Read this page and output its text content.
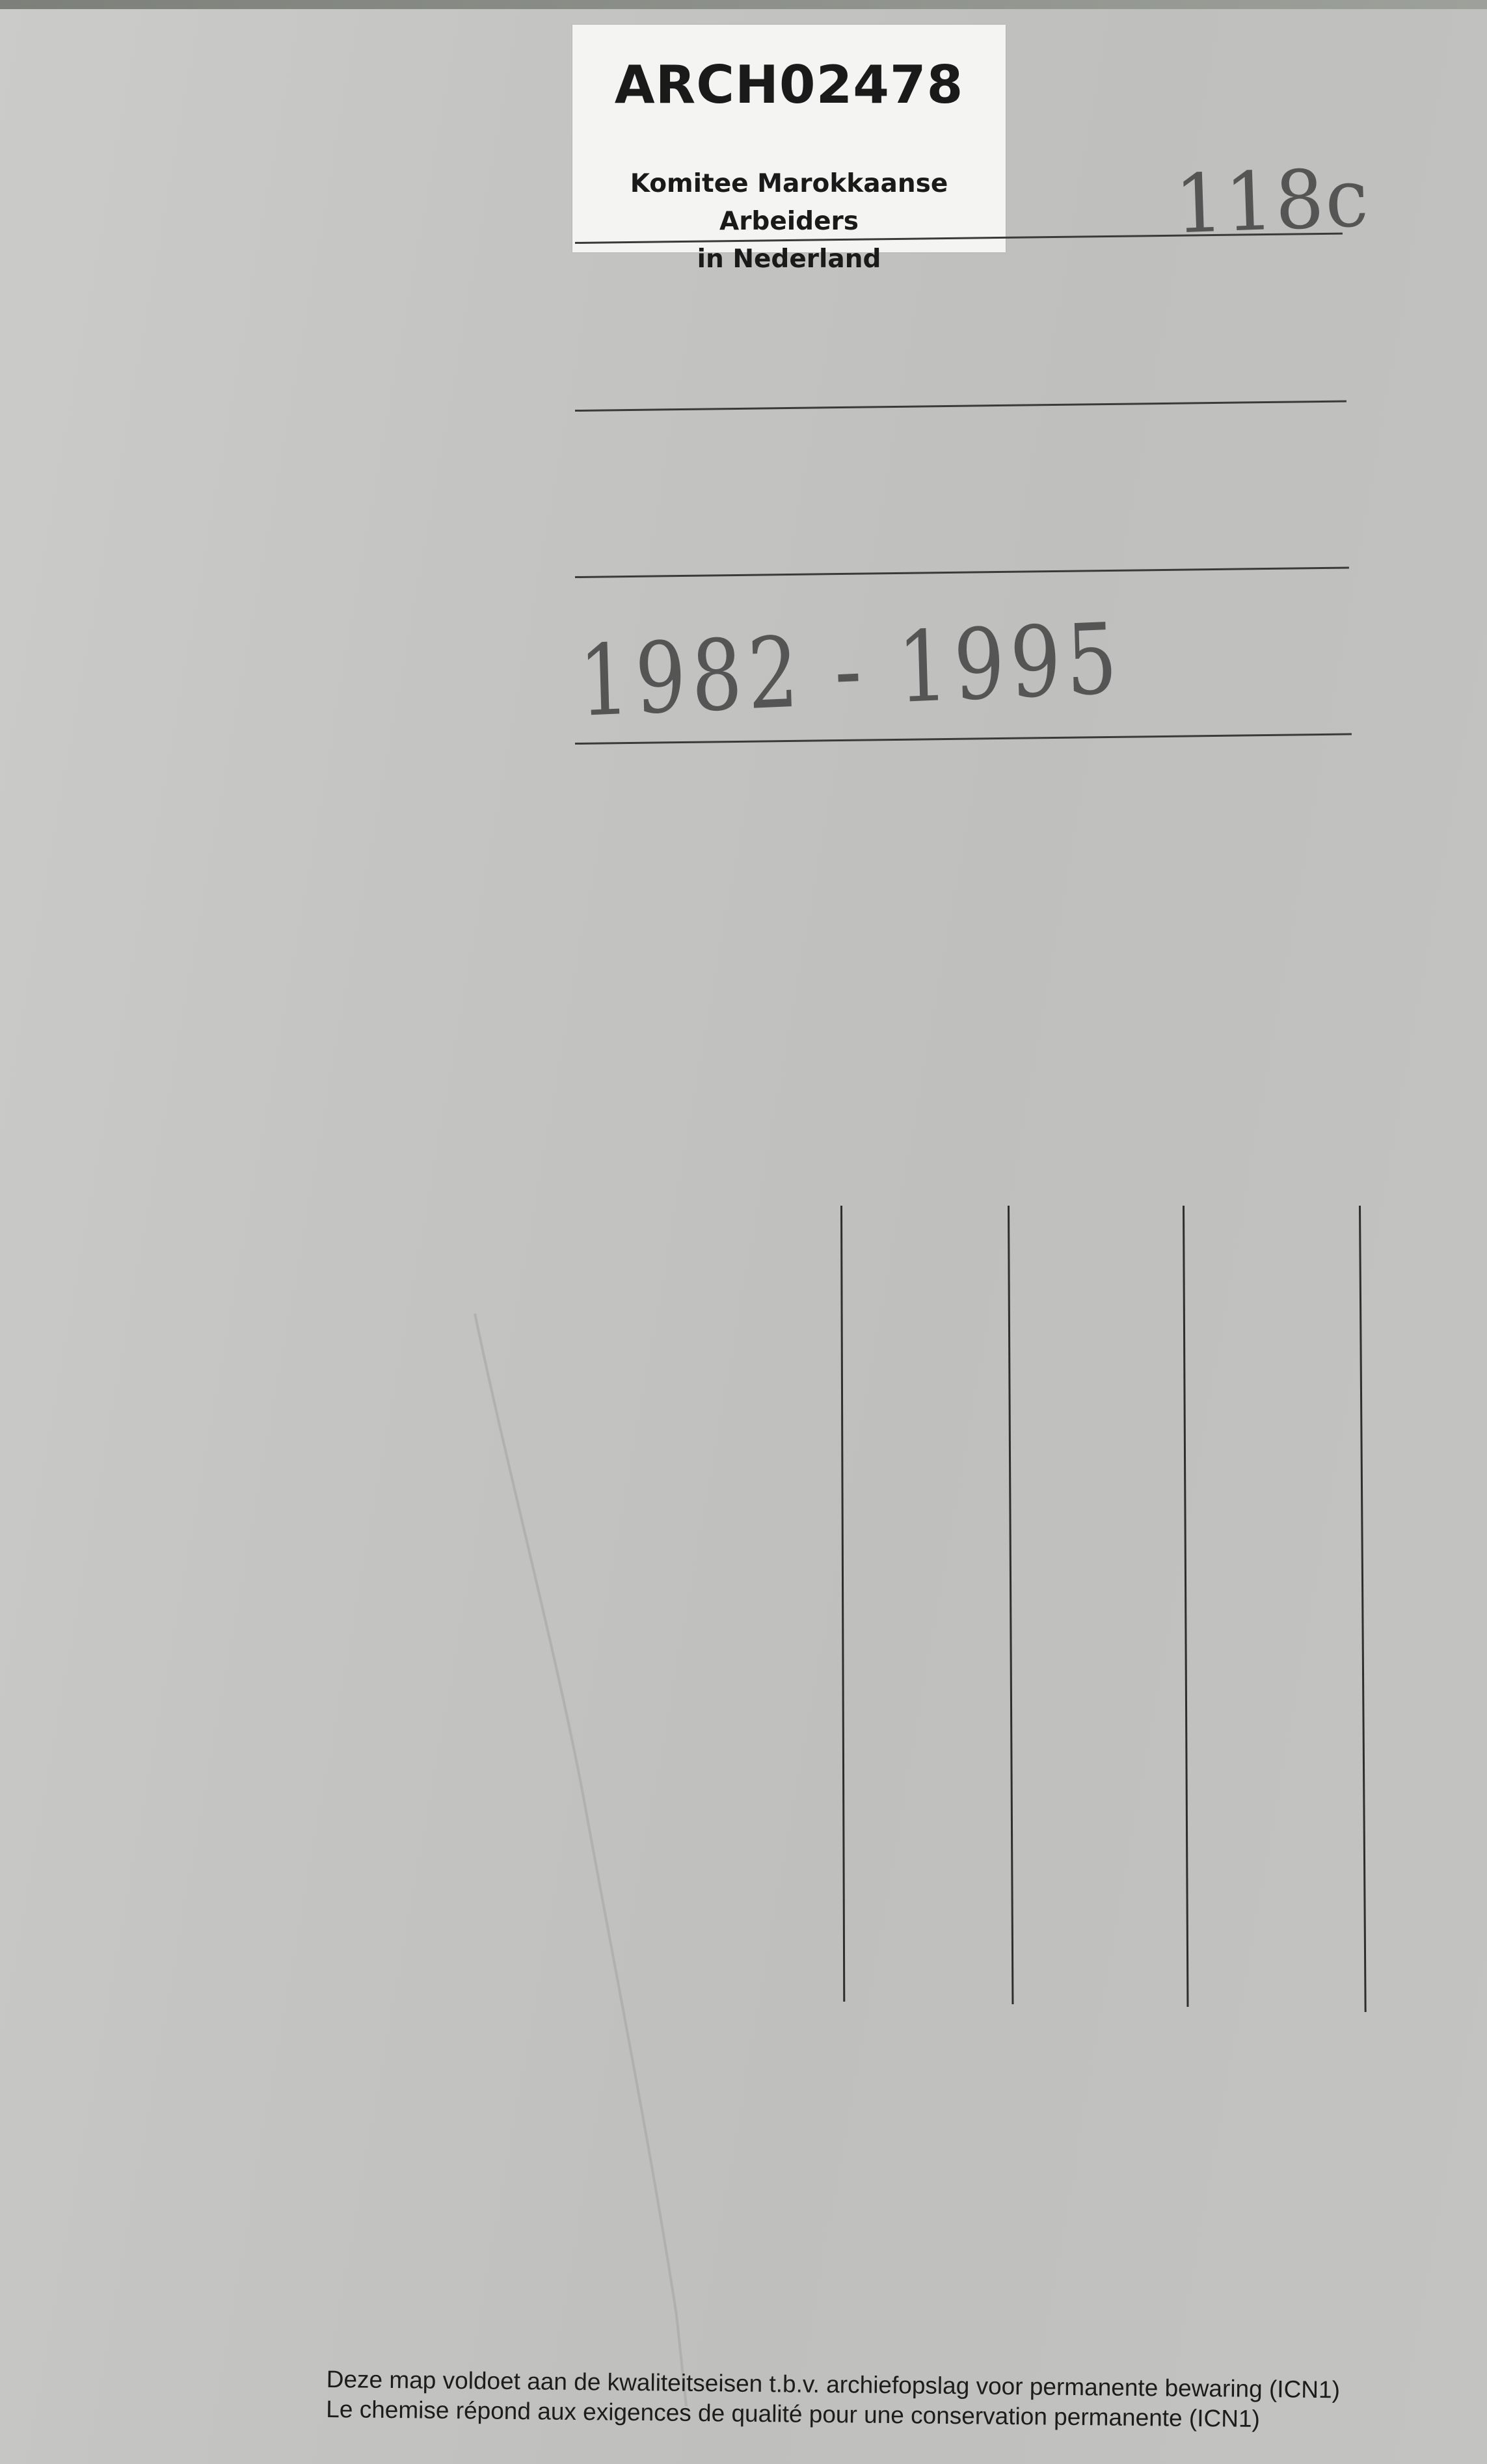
ARCH02478
Komitee Marokkaanse Arbeiders
in Nederland
118c
1982 - 1995
Deze map voldoet aan de kwaliteitseisen t.b.v. archiefopslag voor permanente bewaring (ICN1)
Le chemise répond aux exigences de qualité pour une conservation permanente (ICN1)
